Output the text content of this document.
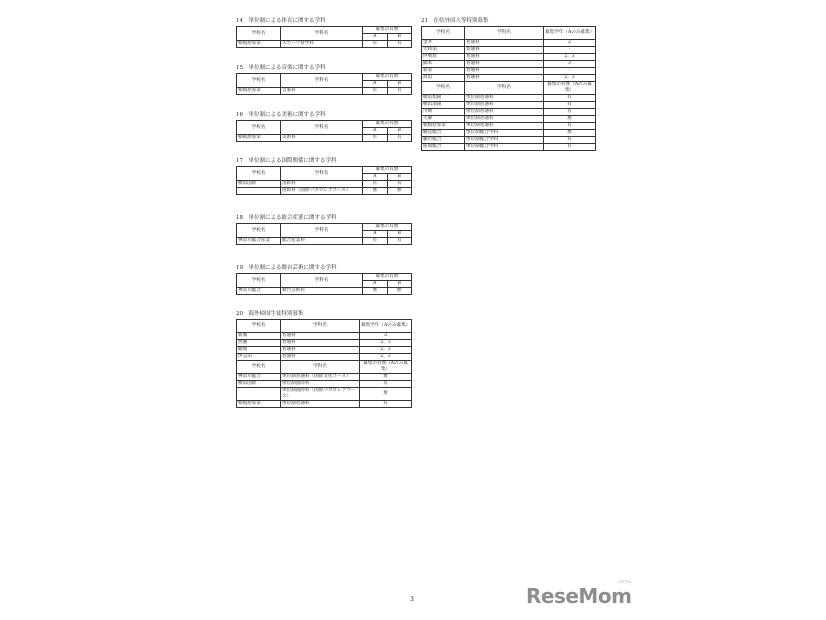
14　単位制による体育に関する学科
学校名	学科名	募集の有無	
		A	B
相模原弥栄	スポーツ科学科	有	有
15　単位制による音楽に関する学科
学校名	学科名	募集の有無	
		A	B
相模原弥栄	音楽科	有	有
16　単位制による美術に関する学科
学校名	学科名	募集の有無	
		A	B
相模原弥栄	美術科	有	有
17　単位制による国際関係に関する学科
学校名	学科名	募集の有無	
		A	B
横浜国際	国際科	有	有
	国際科（国際バカロレアコース）	無	無
18　単位制による総合産業に関する学科
学校名	学科名	募集の有無	
		A	B
神奈川総合産業	総合産業科	有	有
19　単位制による舞台芸術に関する学科
学校名	学科名	募集の有無	
		A	B
神奈川総合	舞台芸術科	無	無
20　海外帰国生徒特別募集
学校名	学科名	募集学年（Aのみ募集）
新城	普通科	3
西湘	普通科	2，3
鶴嶺	普通科	2，3
伊志田	普通科	2，3
学校名	学科名	募集の有無（Aのみ募集）
神奈川総合	単位制普通科（国際文化コース）	無
横浜国際	単位制国際科	有
	単位制国際科（国際バカロレアコース）	無
相模原弥栄	単位制普通科	有
21　在県外国人等特別募集
学校名	学科名	募集学年（Aのみ募集）
金井	普通科	2
大和南	普通科	-
伊勢原	普通科	2，3
橋本	普通科	3
新栄	普通科	-
高浜	普通科	2，3
学校名	学科名	募集の有無（Aのみ募集）
横浜旭陵	単位制普通科	有
横浜清陵	単位制普通科	有
川崎	単位制普通科	有
大師	単位制普通科	無
相模原弥栄	単位制普通科	有
鶴見総合	単位制総合学科	無
藤沢総合	単位制総合学科	有
座間総合	単位制総合学科	有
3	ReseMom
リセマム
